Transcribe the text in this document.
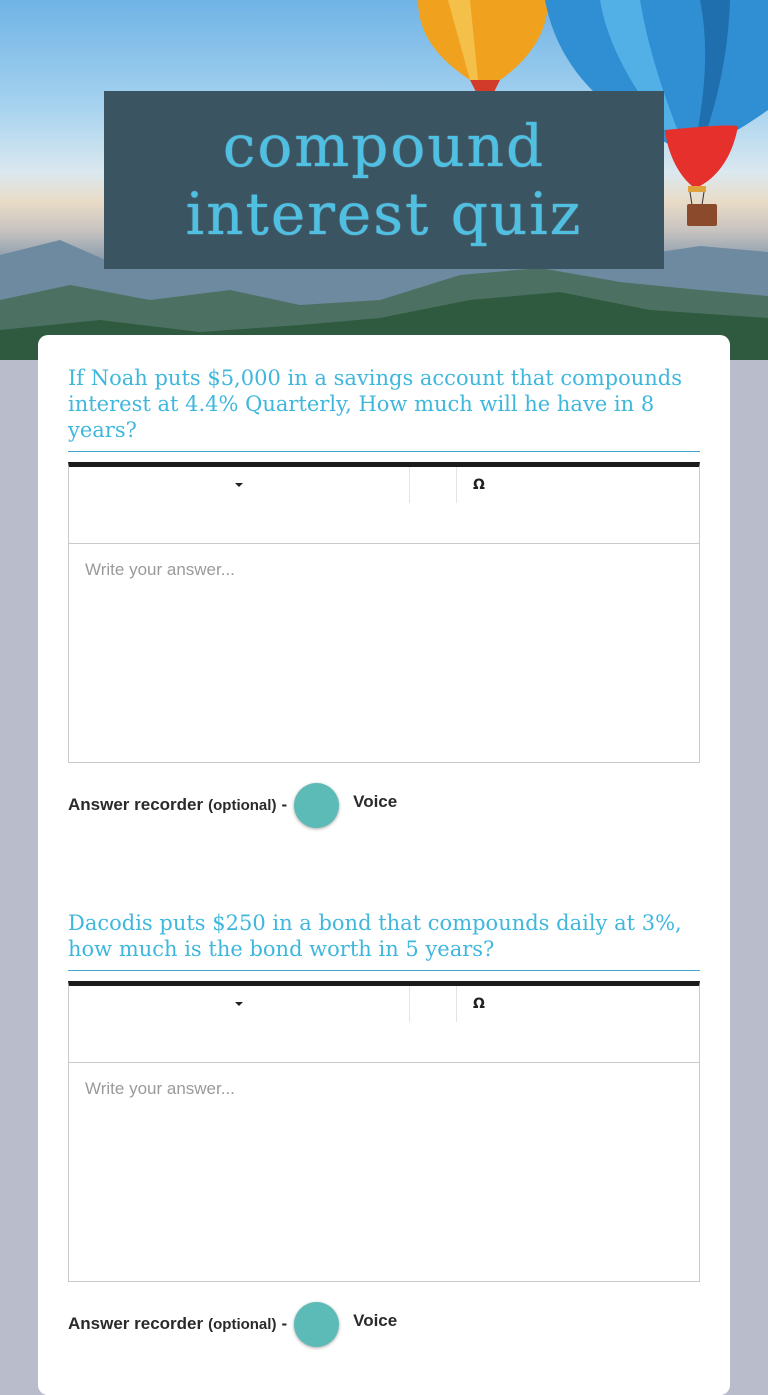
compound
interest quiz
If Noah puts $5,000 in a savings account that compounds interest at 4.4% Quarterly, How much will he have in 8 years?
Ω
Write your answer...
Answer recorder (optional) -	Voice
Dacodis puts $250 in a bond that compounds daily at 3%, how much is the bond worth in 5 years?
Ω
Write your answer...
Answer recorder (optional) -	Voice
